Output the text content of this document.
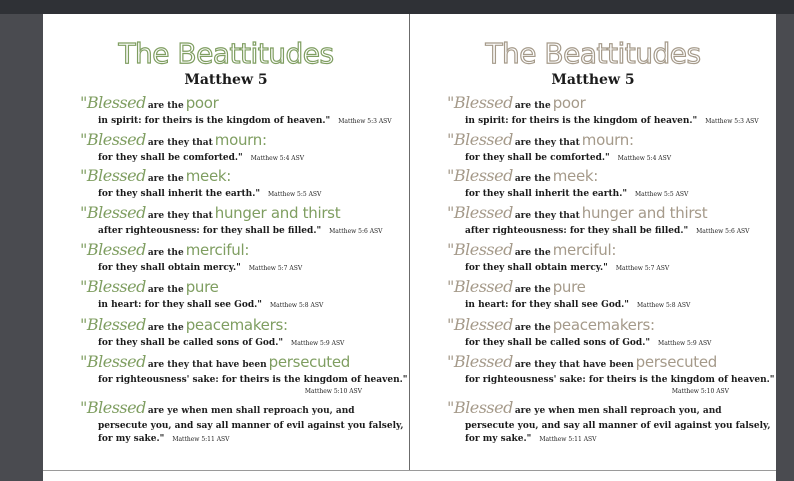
The Beattitudes
Matthew 5
"Blessed are the poor
in spirit: for theirs is the kingdom of heaven." Matthew 5:3 ASV
"Blessed are they that mourn:
for they shall be comforted." Matthew 5:4 ASV
"Blessed are the meek:
for they shall inherit the earth." Matthew 5:5 ASV
"Blessed are they that hunger and thirst
after righteousness: for they shall be filled." Matthew 5:6 ASV
"Blessed are the merciful:
for they shall obtain mercy." Matthew 5:7 ASV
"Blessed are the pure
in heart: for they shall see God." Matthew 5:8 ASV
"Blessed are the peacemakers:
for they shall be called sons of God." Matthew 5:9 ASV
"Blessed are they that have been persecuted
for righteousness' sake: for theirs is the kingdom of heaven."
Matthew 5:10 ASV
"Blessed are ye when men shall reproach you, and
persecute you, and say all manner of evil against you falsely,
for my sake." Matthew 5:11 ASV
The Beattitudes
Matthew 5
"Blessed are the poor
in spirit: for theirs is the kingdom of heaven." Matthew 5:3 ASV
"Blessed are they that mourn:
for they shall be comforted." Matthew 5:4 ASV
"Blessed are the meek:
for they shall inherit the earth." Matthew 5:5 ASV
"Blessed are they that hunger and thirst
after righteousness: for they shall be filled." Matthew 5:6 ASV
"Blessed are the merciful:
for they shall obtain mercy." Matthew 5:7 ASV
"Blessed are the pure
in heart: for they shall see God." Matthew 5:8 ASV
"Blessed are the peacemakers:
for they shall be called sons of God." Matthew 5:9 ASV
"Blessed are they that have been persecuted
for righteousness' sake: for theirs is the kingdom of heaven."
Matthew 5:10 ASV
"Blessed are ye when men shall reproach you, and
persecute you, and say all manner of evil against you falsely,
for my sake." Matthew 5:11 ASV
